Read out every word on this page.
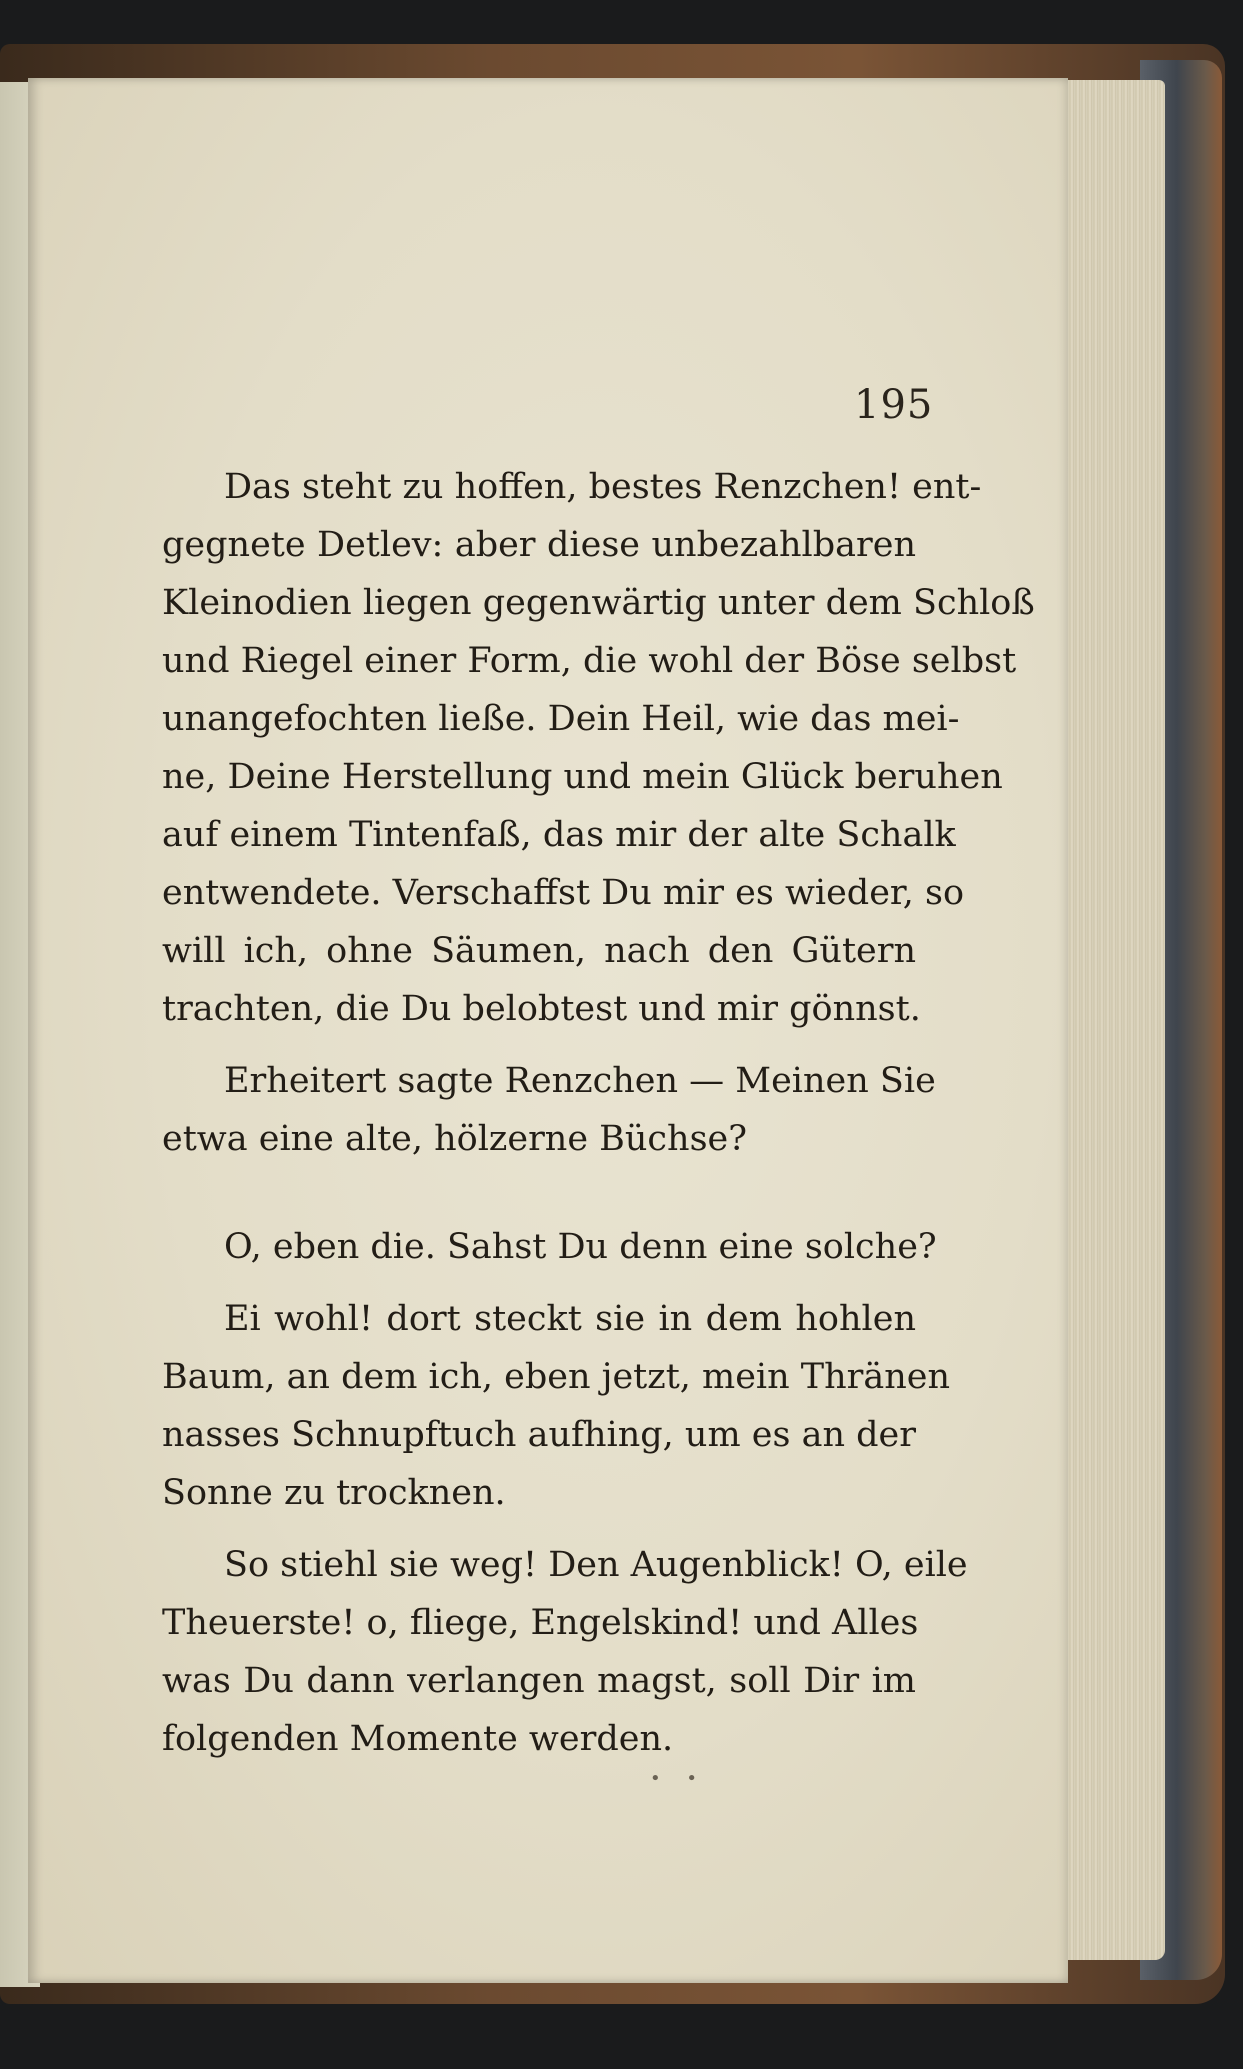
195
Das steht zu hoffen, bestes Renzchen! ent-
gegnete Detlev: aber diese unbezahlbaren
Kleinodien liegen gegenwärtig unter dem Schloß
und Riegel einer Form, die wohl der Böse selbst
unangefochten ließe. Dein Heil, wie das mei-
ne, Deine Herstellung und mein Glück beruhen
auf einem Tintenfaß, das mir der alte Schalk
entwendete. Verschaffst Du mir es wieder, so
will ich, ohne Säumen, nach den Gütern
trachten, die Du belobtest und mir gönnst.
Erheitert sagte Renzchen — Meinen Sie
etwa eine alte, hölzerne Büchse?
O, eben die. Sahst Du denn eine solche?
Ei wohl! dort steckt sie in dem hohlen
Baum, an dem ich, eben jetzt, mein Thränen
nasses Schnupftuch aufhing, um es an der
Sonne zu trocknen.
So stiehl sie weg! Den Augenblick! O, eile
Theuerste! o, fliege, Engelskind! und Alles
was Du dann verlangen magst, soll Dir im
folgenden Momente werden.
• •
